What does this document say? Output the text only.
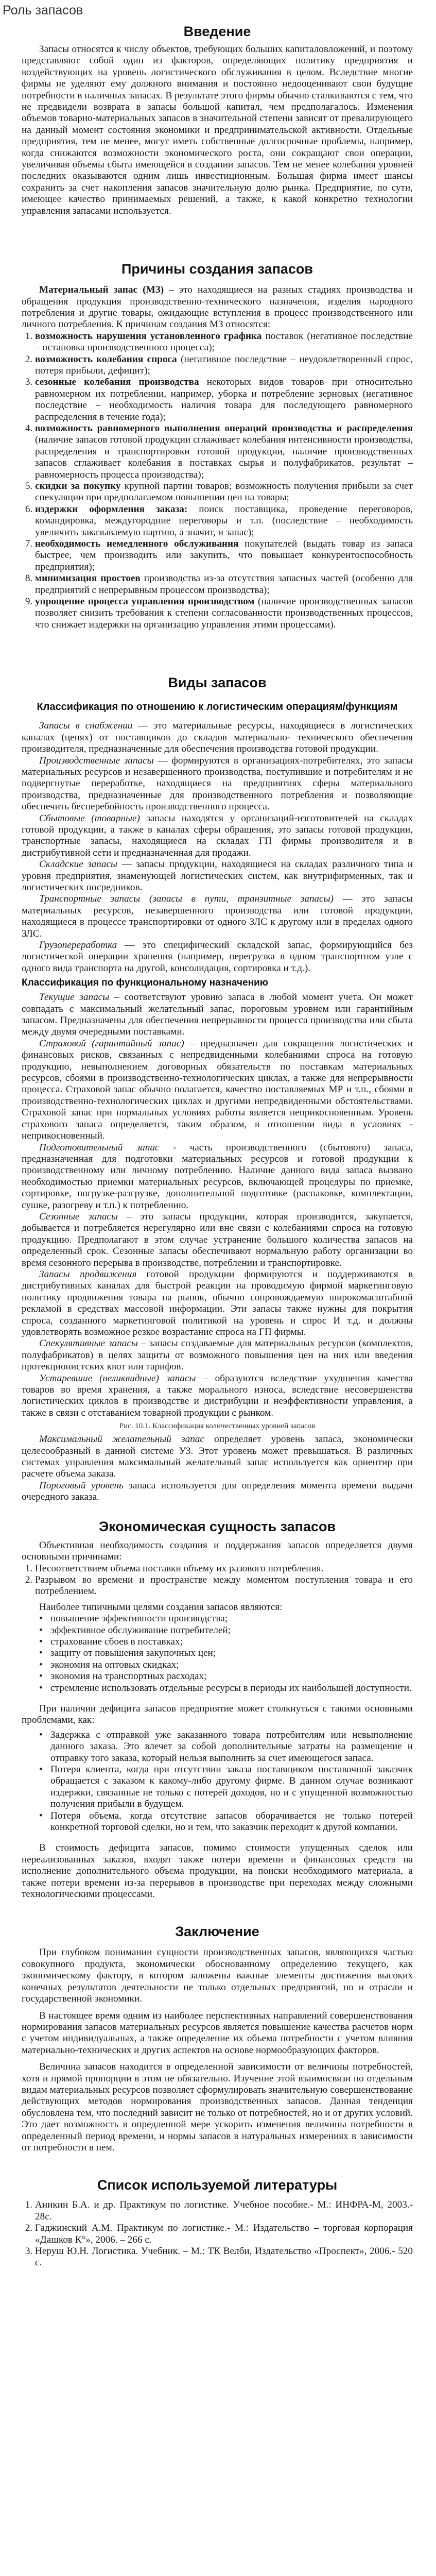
Роль запасов
Введение

Запасы относятся к числу объектов, требующих больших капиталовложений, и поэтому представляют собой один из факторов, определяющих политику предприятия и воздействующих на уровень логистического обслуживания в целом. Вследствие многие фирмы не уделяют ему должного внимания и постоянно недооценивают свои будущие потребности в наличных запасах. В результате этого фирмы обычно сталкиваются с тем, что не предвидели возврата в запасы большой капитал, чем предполагалось. Изменения объемов товарно-материальных запасов в значительной степени зависят от превалирующего на данный момент состояния экономики и предпринимательской активности. Отдельные предприятия, тем не менее, могут иметь собственные долгосрочные проблемы, например, когда снижаются возможности экономического роста, они сокращают свои операции, увеличивая объемы сбыта имеющейся в создании запасов. Тем не менее колебания уровней последних оказываются одним лишь инвестиционным. Большая фирма имеет шансы сохранить за счет накопления запасов значительную долю рынка. Предприятие, по сути, имеющее качество принимаемых решений, а также, к какой конкретно технологии управления запасами используется.

Причины создания запасов

Материальный запас (МЗ) – это находящиеся на разных стадиях производства и обращения продукция производственно-технического назначения, изделия народного потребления и другие товары, ожидающие вступления в процесс производственного или личного потребления. К причинам создания МЗ относятся:

1. возможность нарушения установленного графика поставок (негативное последствие – остановка производственного процесса);
2. возможность колебания спроса (негативное последствие – неудовлетворенный спрос, потеря прибыли, дефицит);
3. сезонные колебания производства некоторых видов товаров при относительно равномерном их потреблении, например, уборка и потребление зерновых (негативное последствие – необходимость наличия товара для последующего равномерного распределения в течение года);
4. возможность равномерного выполнения операций производства и распределения (наличие запасов готовой продукции сглаживает колебания интенсивности производства, распределения и транспортировки готовой продукции, наличие производственных запасов сглаживает колебания в поставках сырья и полуфабрикатов, результат – равномерность процесса производства);
5. скидки за покупку крупной партии товаров; возможность получения прибыли за счет спекуляции при предполагаемом повышении цен на товары;
6. издержки оформления заказа: поиск поставщика, проведение переговоров, командировка, междугородние переговоры и т.п. (последствие – необходимость увеличить заказываемую партию, а значит, и запас);
7. необходимость немедленного обслуживания покупателей (выдать товар из запаса быстрее, чем производить или закупить, что повышает конкурентоспособность предприятия);
8. минимизация простоев производства из-за отсутствия запасных частей (особенно для предприятий с непрерывным процессом производства);
9. упрощение процесса управления производством (наличие производственных запасов позволяет снизить требования к степени согласованности производственных процессов, что снижает издержки на организацию управления этими процессами).
Виды запасов
Классификация по отношению к логистическим операциям/функциям

Запасы в снабжении — это материальные ресурсы, находящиеся в логистических каналах (цепях) от поставщиков до складов материально- технического обеспечения производителя, предназначенные для обеспечения производства готовой продукции.

Производственные запасы — формируются в организациях-потребителях, это запасы материальных ресурсов и незавершенного производства, поступившие и потребителям и не подвергнутые переработке, находящиеся на предприятиях сферы материального производства, предназначенные для производственного потребления и позволяющие обеспечить бесперебойность производственного процесса.

Сбытовые (товарные) запасы находятся у организаций-изготовителей на складах готовой продукции, а также в каналах сферы обращения, это запасы готовой продукции, транспортные запасы, находящиеся на складах ГП фирмы производителя и в дистрибутивной сети и предназначенная для продажи.

Складские запасы — запасы продукции, находящиеся на складах различного типа и уровня предприятия, знаменующей логистических систем, как внутрифирменных, так и логистических посредников.

Транспортные запасы (запасы в пути, транзитные запасы) — это запасы материальных ресурсов, незавершенного производства или готовой продукции, находящиеся в процессе транспортировки от одного ЗЛС к другому или в пределах одного ЗЛС.

Грузопереработка — это специфический складской запас, формирующийся без логистической операции хранения (например, перегрузка в одном транспортном узле с одного вида транспорта на другой, консолидация, сортировка и т.д.).

Классификация по функциональному назначению

Текущие запасы – соответствуют уровню запаса в любой момент учета. Он может совпадать с максимальный желательный запас, пороговым уровнем или гарантийным запасом. Предназначены для обеспечения непрерывности процесса производства или сбыта между двумя очередными поставками.

Страховой (гарантийный запас) – предназначен для сокращения логистических и финансовых рисков, связанных с непредвиденными колебаниями спроса на готовую продукцию, невыполнением договорных обязательств по поставкам материальных ресурсов, сбоями в производственно-технологических циклах, а также для непрерывности процесса. Страховой запас обычно полагается, качество поставляемых МР и т.п., сбоями в производственно-технологических циклах и другими непредвиденными обстоятельствами. Страховой запас при нормальных условиях работы является неприкосновенным. Уровень страхового запаса определяется, таким образом, в отношении вида в условиях - неприкосновенный.

Подготовительный запас - часть производственного (сбытового) запаса, предназначенная для подготовки материальных ресурсов и готовой продукции к производственному или личному потреблению. Наличие данного вида запаса вызвано необходимостью приемки материальных ресурсов, включающей процедуры по приемке, сортировке, погрузке-разгрузке, дополнительной подготовке (распаковке, комплектации, сушке, разогреву и т.п.) к потреблению.

Сезонные запасы – это запасы продукции, которая производится, закупается, добывается и потребляется нерегулярно или вне связи с колебаниями спроса на готовую продукцию. Предполагают в этом случае устранение большого количества запасов на определенный срок. Сезонные запасы обеспечивают нормальную работу организации во время сезонного перерыва в производстве, потреблении и транспортировке.

Запасы продвижения готовой продукции формируются и поддерживаются в дистрибутивных каналах для быстрой реакции на проводимую фирмой маркетинговую политику продвижения товара на рынок, обычно сопровождаемую широкомасштабной рекламой в средствах массовой информации. Эти запасы также нужны для покрытия спроса, созданного маркетинговой политикой на уровень и спрос И т.д. и должны удовлетворять возможное резкое возрастание спроса на ГП фирмы.

Спекулятивные запасы – запасы создаваемые для материальных ресурсов (комплектов, полуфабрикатов) в целях защиты от возможного повышения цен на них или введения протекционистских квот или тарифов.

Устаревшие (неликвидные) запасы – образуются вследствие ухудшения качества товаров во время хранения, а также морального износа, вследствие несовершенства логистических циклов в производстве и дистрибуции и неэффективности управления, а также в связи с отставанием товарной продукции с рынком.

Рис. 10.1. Классификация количественных уровней запасов

Максимальный желательный запас определяет уровень запаса, экономически целесообразный в данной системе УЗ. Этот уровень может превышаться. В различных системах управления максимальный желательный запас используется как ориентир при расчете объема заказа.

Пороговый уровень запаса используется для определения момента времени выдачи очередного заказа.

Экономическая сущность запасов

Объективная необходимость создания и поддержания запасов определяется двумя основными причинами:

1. Несоответствием объема поставки объему их разового потребления.
2. Разрывом во времени и пространстве между моментом поступления товара и его потреблением.

Наиболее типичными целями создания запасов являются:

• повышение эффективности производства;
• эффективное обслуживание потребителей;
• страхование сбоев в поставках;
• защиту от повышения закупочных цен;
• экономия на оптовых скидках;
• экономия на транспортных расходах;
• стремление использовать отдельные ресурсы в периоды их наибольшей доступности.

При наличии дефицита запасов предприятие может столкнуться с такими основными проблемами, как:

• Задержка с отправкой уже заказанного товара потребителям или невыполнение данного заказа. Это влечет за собой дополнительные затраты на размещение и отправку того заказа, который нельзя выполнить за счет имеющегося запаса.
• Потеря клиента, когда при отсутствии заказа поставщиком поставочной заказчик обращается с заказом к какому-либо другому фирме. В данном случае возникают издержки, связанные не только с потерей доходов, но и с упущенной возможностью получения прибыли в будущем.
• Потеря объема, когда отсутствие запасов оборачивается не только потерей конкретной торговой сделки, но и тем, что заказчик переходит к другой компании.

В стоимость дефицита запасов, помимо стоимости упущенных сделок или нереализованных заказов, входят также потери времени и финансовых средств на исполнение дополнительного объема продукции, на поиски необходимого материала, а также потери времени из-за перерывов в производстве при переходах между сложными технологическими процессами.

Заключение

При глубоком понимании сущности производственных запасов, являющихся частью совокупного продукта, экономически обоснованному определению текущего, как экономическому фактору, в котором заложены важные элементы достижения высоких конечных результатов деятельности не только отдельных предприятий, но и отрасли и государственной экономики.

В настоящее время одним из наиболее перспективных направлений совершенствования нормирования запасов материальных ресурсов является повышение качества расчетов норм с учетом индивидуальных, а также определение их объема потребности с учетом влияния материально-технических и других аспектов на основе нормообразующих факторов.

Величина запасов находится в определенной зависимости от величины потребностей, хотя и прямой пропорции в этом не обязательно. Изучение этой взаимосвязи по отдельным видам материальных ресурсов позволяет сформулировать значительную совершенствование действующих методов нормирования производственных запасов. Данная тенденция обусловлена тем, что последний зависит не только от потребностей, но и от других условий. Это дает возможность в опредленной мере ускорить изменения величины потребности в определенный период времени, и нормы запасов в натуральных измерениях в зависимости от потребности в нем.

Список используемой литературы
1. Аникин Б.А. и др. Практикум по логистике. Учебное пособие.- М.: ИНФРА-М, 2003.- 28с.
2. Гаджинский А.М. Практикум по логистике.- М.: Издательство – торговая корпорация «Дашков К°», 2006. – 266 с.
3. Неруш Ю.Н. Логистика. Учебник. – М.: ТК Велби, Издательство «Проспект», 2006.- 520 с.
